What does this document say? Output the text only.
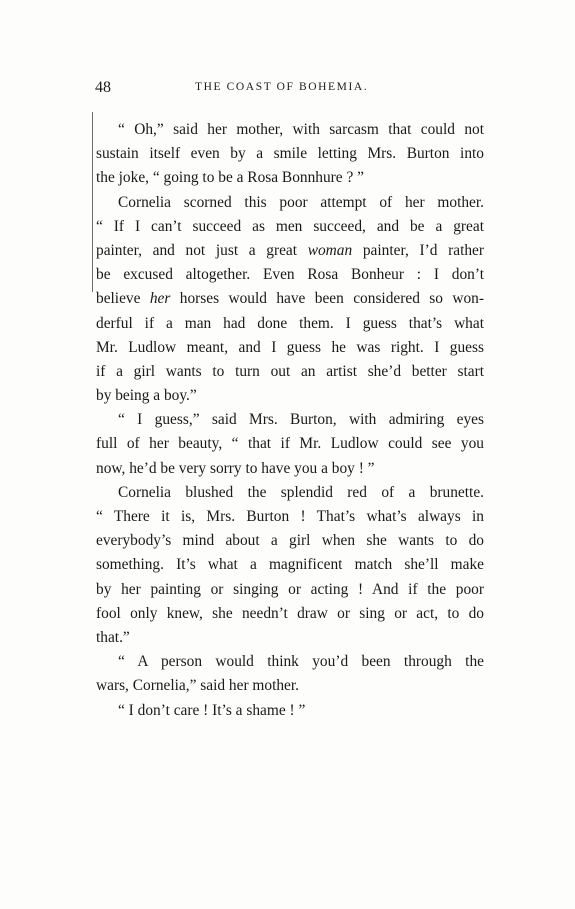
48	THE COAST OF BOHEMIA.
“ Oh,” said her mother, with sarcasm that could not
sustain itself even by a smile letting Mrs. Burton into
the joke, “ going to be a Rosa Bonnhure ? ”
Cornelia scorned this poor attempt of her mother.
“ If I can’t succeed as men succeed, and be a great
painter, and not just a great woman painter, I’d rather
be excused altogether. Even Rosa Bonheur : I don’t
believe her horses would have been considered so won-
derful if a man had done them. I guess that’s what
Mr. Ludlow meant, and I guess he was right. I guess
if a girl wants to turn out an artist she’d better start
by being a boy.”
“ I guess,” said Mrs. Burton, with admiring eyes
full of her beauty, “ that if Mr. Ludlow could see you
now, he’d be very sorry to have you a boy ! ”
Cornelia blushed the splendid red of a brunette.
“ There it is, Mrs. Burton ! That’s what’s always in
everybody’s mind about a girl when she wants to do
something. It’s what a magnificent match she’ll make
by her painting or singing or acting ! And if the poor
fool only knew, she needn’t draw or sing or act, to do
that.”
“ A person would think you’d been through the
wars, Cornelia,” said her mother.
“ I don’t care ! It’s a shame ! ”
